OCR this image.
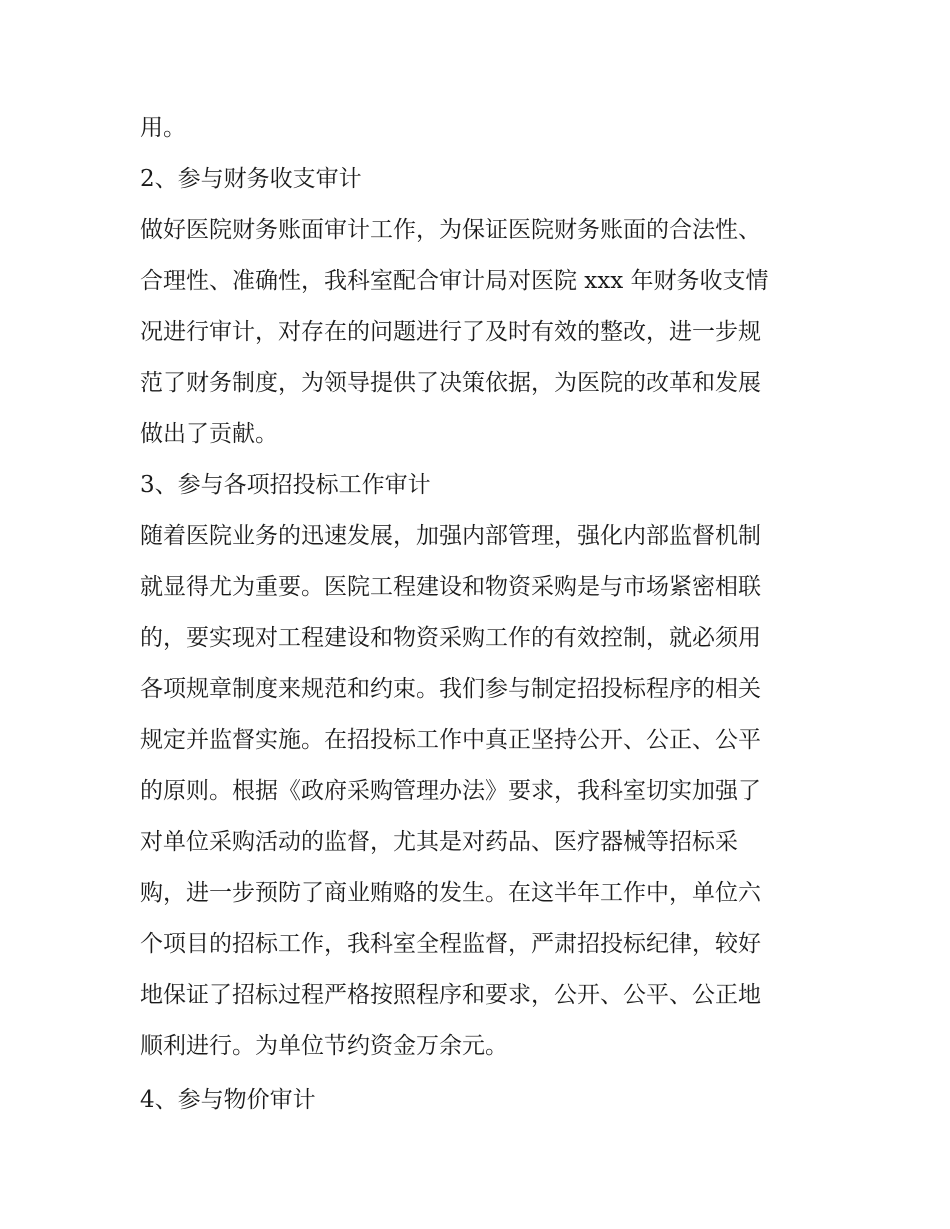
用。
2、参与财务收支审计
做好医院财务账面审计工作，为保证医院财务账面的合法性、
合理性、准确性，我科室配合审计局对医院 xxx 年财务收支情
况进行审计，对存在的问题进行了及时有效的整改，进一步规
范了财务制度，为领导提供了决策依据，为医院的改革和发展
做出了贡献。
3、参与各项招投标工作审计
随着医院业务的迅速发展，加强内部管理，强化内部监督机制
就显得尤为重要。医院工程建设和物资采购是与市场紧密相联
的，要实现对工程建设和物资采购工作的有效控制，就必须用
各项规章制度来规范和约束。我们参与制定招投标程序的相关
规定并监督实施。在招投标工作中真正坚持公开、公正、公平
的原则。根据《政府采购管理办法》要求，我科室切实加强了
对单位采购活动的监督，尤其是对药品、医疗器械等招标采
购，进一步预防了商业贿赂的发生。在这半年工作中，单位六
个项目的招标工作，我科室全程监督，严肃招投标纪律，较好
地保证了招标过程严格按照程序和要求，公开、公平、公正地
顺利进行。为单位节约资金万余元。
4、参与物价审计
